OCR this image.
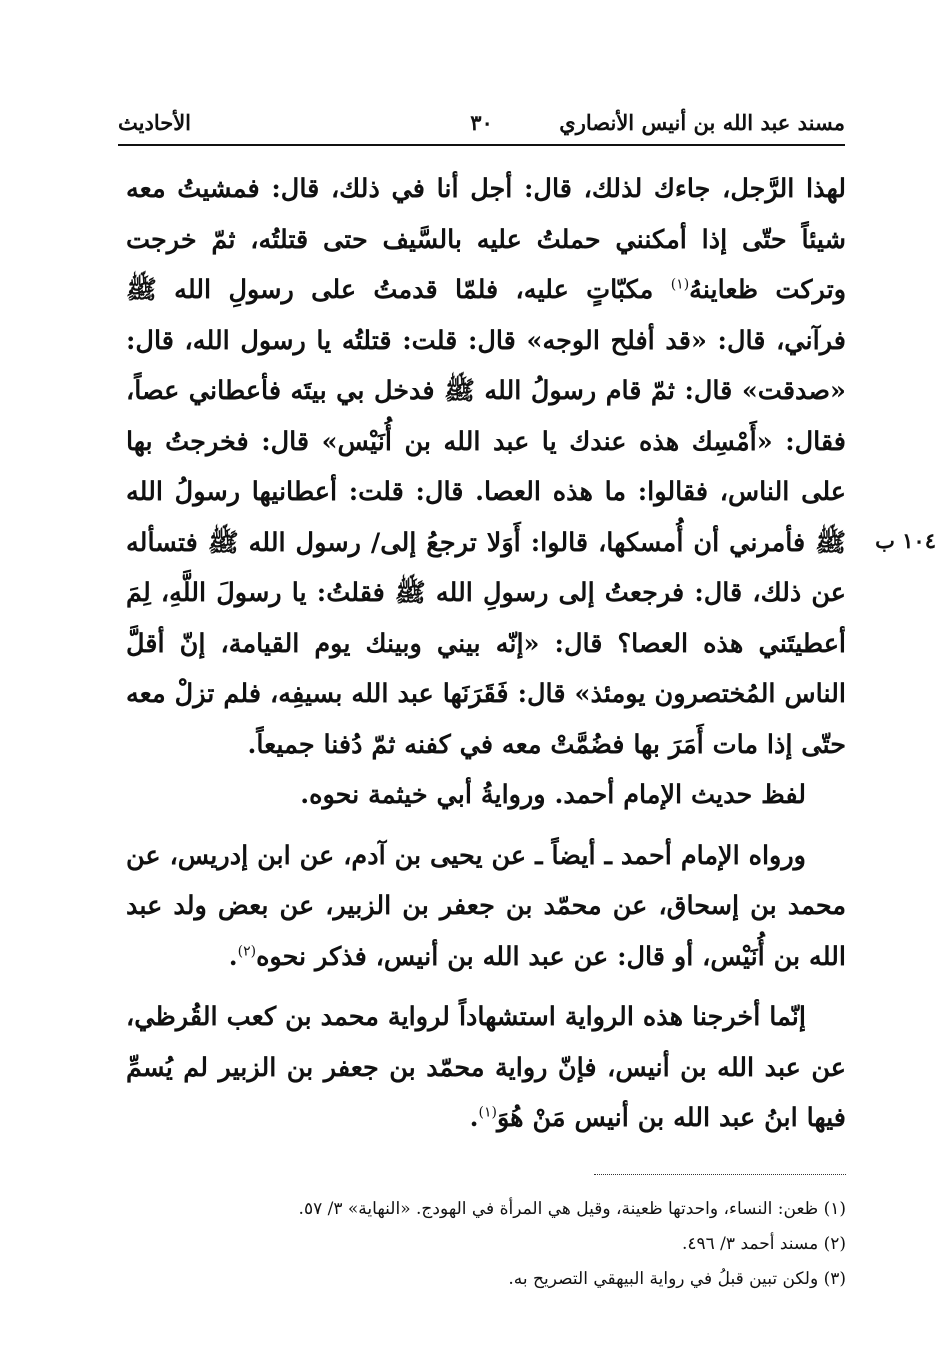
الأحاديث	٣٠	مسند عبد الله بن أنيس الأنصاري
١٠٤ ب

لهذا الرَّجل، جاءك لذلك، قال: أجل أنا في ذلك، قال: فمشيتُ معه شيئاً حتّى إذا أمكنني حملتُ عليه بالسَّيف حتى قتلتُه، ثمّ خرجت وتركت ظعاينهُ$^{(١)}$ مكبّاتٍ عليه، فلمّا قدمتُ على رسولِ الله ﷺ فرآني، قال: «قد أفلح الوجه» قال: قلت: قتلتُه يا رسول الله، قال: «صدقت» قال: ثمّ قام رسولُ الله ﷺ فدخل بي بيتَه فأعطاني عصاً، فقال: «أَمْسِك هذه عندك يا عبد الله بن أُنَيْس» قال: فخرجتُ بها على الناس، فقالوا: ما هذه العصا. قال: قلت: أعطانيها رسولُ الله ﷺ فأمرني أن أُمسكها، قالوا: أَوَلا ترجعُ إلى/ رسول الله ﷺ فتسأله عن ذلك، قال: فرجعتُ إلى رسولِ الله ﷺ فقلتُ: يا رسولَ اللَّهِ، لِمَ أعطيتَني هذه العصا؟ قال: «إنّه بيني وبينك يوم القيامة، إنّ أقلَّ الناس المُختصرون يومئذ» قال: فَقَرَنَها عبد الله بسيفِه، فلم تزلْ معه حتّى إذا مات أَمَرَ بها فضُمَّتْ معه في كفنه ثمّ دُفنا جميعاً.

لفظ حديث الإمام أحمد. وروايةُ أبي خيثمة نحوه.

ورواه الإمام أحمد ـ أيضاً ـ عن يحيى بن آدم، عن ابن إدريس، عن محمد بن إسحاق، عن محمّد بن جعفر بن الزبير، عن بعض ولد عبد الله بن أُنَيْس، أو قال: عن عبد الله بن أنيس، فذكر نحوه$^{(٢)}$.

إنّما أخرجنا هذه الرواية استشهاداً لرواية محمد بن كعب القُرظي، عن عبد الله بن أنيس، فإنّ رواية محمّد بن جعفر بن الزبير لم يُسمِّ فيها ابنُ عبد الله بن أنيس مَنْ هُوَ$^{(١)}$.

(١) ظعن: النساء، واحدتها ظعينة، وقيل هي المرأة في الهودج. «النهاية» ٣/ ٥٧.

(٢) مسند أحمد ٣/ ٤٩٦.

(٣) ولكن تبين قبلُ في رواية البيهقي التصريح به.
